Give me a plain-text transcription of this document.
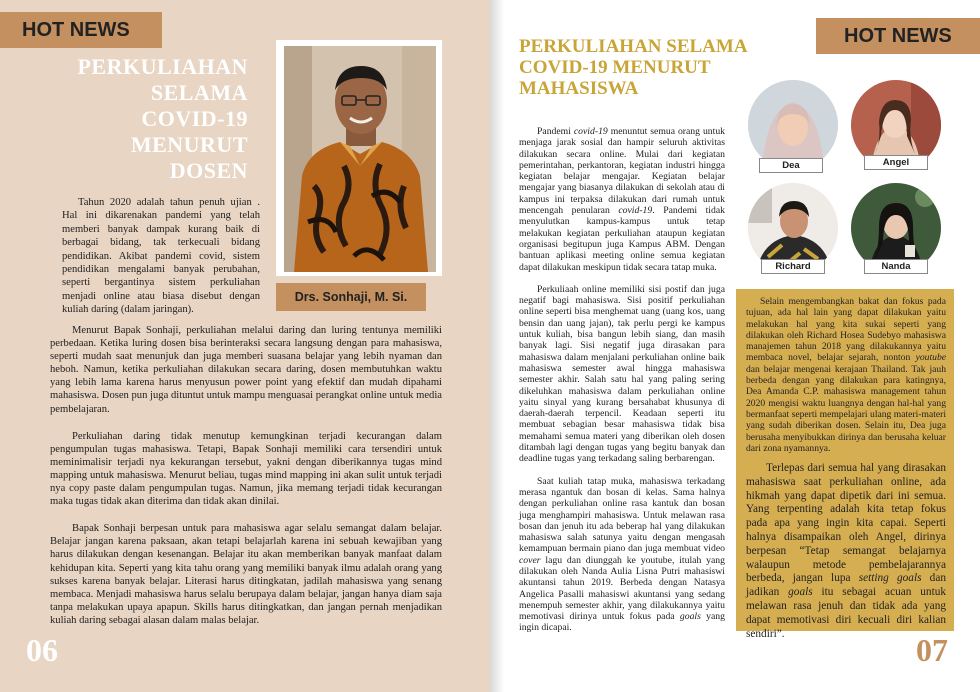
HOT NEWS
PERKULIAHAN
SELAMA
COVID-19
MENURUT
DOSEN
Drs. Sonhaji, M. Si.

Tahun 2020 adalah tahun penuh ujian . Hal ini dikarenakan pandemi yang telah memberi banyak dampak kurang baik di berbagai bidang, tak terkecuali bidang pendidikan. Akibat pandemi covid, sistem pendidikan mengalami banyak perubahan, seperti bergantinya sistem perkuliahan menjadi online atau biasa disebut dengan kuliah daring (dalam jaringan).

Menurut Bapak Sonhaji, perkuliahan melalui daring dan luring tentunya memiliki perbedaan. Ketika luring dosen bisa berinteraksi secara langsung dengan para mahasiswa, seperti mudah saat menunjuk dan juga memberi suasana belajar yang lebih nyaman dan heboh. Namun, ketika perkuliahan dilakukan secara daring, dosen membutuhkan waktu yang lebih lama karena harus menyusun power point yang efektif dan mudah dipahami mahasiswa. Dosen pun juga dituntut untuk mampu menguasai perangkat online untuk media pembelajaran.

Perkuliahan daring tidak menutup kemungkinan terjadi kecurangan dalam pengumpulan tugas mahasiswa. Tetapi, Bapak Sonhaji memiliki cara tersendiri untuk meminimalisir terjadi nya kekurangan tersebut, yakni dengan diberikannya tugas mind mapping untuk mahasiswa. Menurut beliau, tugas mind mapping ini akan sulit untuk terjadi nya copy paste dalam pengumpulan tugas. Namun, jika memang terjadi tidak kecurangan maka tugas tidak akan diterima dan tidak akan dinilai.

Bapak Sonhaji berpesan untuk para mahasiswa agar selalu semangat dalam belajar. Belajar jangan karena paksaan, akan tetapi belajarlah karena ini sebuah kewajiban yang harus dilakukan dengan kesenangan. Belajar itu akan memberikan banyak manfaat dalam kehidupan kita. Seperti yang kita tahu orang yang memiliki banyak ilmu adalah orang yang sukses karena banyak belajar. Literasi harus ditingkatan, jadilah mahasiswa yang senang membaca. Menjadi mahasiswa harus selalu berupaya dalam belajar, jangan hanya diam saja tanpa melakukan upaya apapun. Skills harus ditingkatkan, dan jangan pernah menjadikan kuliah daring sebagai alasan dalam malas belajar.

06
HOT NEWS
PERKULIAHAN SELAMA
COVID-19 MENURUT
MAHASISWA

Pandemi covid-19 menuntut semua orang untuk menjaga jarak sosial dan hampir seluruh aktivitas dilakukan secara online. Mulai dari kegiatan pemerintahan, perkantoran, kegiatan industri hingga kegiatan belajar mengajar. Kegiatan belajar mengajar yang biasanya dilakukan di sekolah atau di kampus ini terpaksa dilakukan dari rumah untuk mencengah penularan covid-19. Pandemi tidak menyulutkan kampus-kampus untuk tetap melakukan kegiatan perkuliahan ataupun kegiatan organisasi begitupun juga Kampus ABM. Dengan bantuan aplikasi meeting online semua kegiatan dapat dilakukan meskipun tidak secara tatap muka.

Perkuliaah online memiliki sisi postif dan juga negatif bagi mahasiswa. Sisi positif perkuliahan online seperti bisa menghemat uang (uang kos, uang bensin dan uang jajan), tak perlu pergi ke kampus untuk kuliah, bisa bangun lebih siang, dan masih banyak lagi. Sisi negatif juga dirasakan para mahasiswa dalam menjalani perkuliahan online baik mahasiswa semester awal hingga mahasiswa semester akhir. Salah satu hal yang paling sering dikeluhkan mahasiswa dalam perkuliahan online yaitu sinyal yang kurang bersahabat khusunya di daerah-daerah terpencil. Keadaan seperti itu membuat sebagian besar mahasiswa tidak bisa memahami semua materi yang diberikan oleh dosen ditambah lagi dengan tugas yang begitu banyak dan deadline tugas yang terkadang saling berbarengan.

Saat kuliah tatap muka, mahasiswa terkadang merasa ngantuk dan bosan di kelas. Sama halnya dengan perkuliahan online rasa kantuk dan bosan juga menghampiri mahasiswa. Untuk melawan rasa bosan dan jenuh itu ada beberap hal yang dilakukan mahasiswa salah satunya yaitu dengan mengasah kemampuan bermain piano dan juga membuat video cover lagu dan diunggah ke youtube, itulah yang dilakukan oleh Nanda Aulia Lisna Putri mahasiswi akuntansi tahun 2019. Berbeda dengan Natasya Angelica Pasalli mahasiswi akuntansi yang sedang menempuh semester akhir, yang dilakukannya yaitu memotivasi dirinya untuk fokus pada goals yang ingin dicapai.

Dea	Angel
Richard	Nanda

Selain mengembangkan bakat dan fokus pada tujuan, ada hal lain yang dapat dilakukan yaitu melakukan hal yang kita sukai seperti yang dilakukan oleh Richard Hosea Sudebyo mahasiswa manajemen tahun 2018 yang dilakukannya yaitu membaca novel, belajar sejarah, nonton youtube dan belajar mengenai kerajaan Thailand. Tak jauh berbeda dengan yang dilakukan para katingnya, Dea Amanda C.P. mahasiswa management tahun 2020 mengisi waktu luangnya dengan hal-hal yang bermanfaat seperti mempelajari ulang materi-materi yang sudah diberikan dosen. Selain itu, Dea juga berusaha menyibukkan dirinya dan berusaha keluar dari zona nyamannya.

Terlepas dari semua hal yang dirasakan mahasiswa saat perkuliahan online, ada hikmah yang dapat dipetik dari ini semua. Yang terpenting adalah kita tetap fokus pada apa yang ingin kita capai. Seperti halnya disampaikan oleh Angel, dirinya berpesan “Tetap semangat belajarnya walaupun metode pembelajarannya berbeda, jangan lupa setting goals dan jadikan goals itu sebagai acuan untuk melawan rasa jenuh dan tidak ada yang dapat memotivasi diri kecuali diri kalian sendiri”.	07
